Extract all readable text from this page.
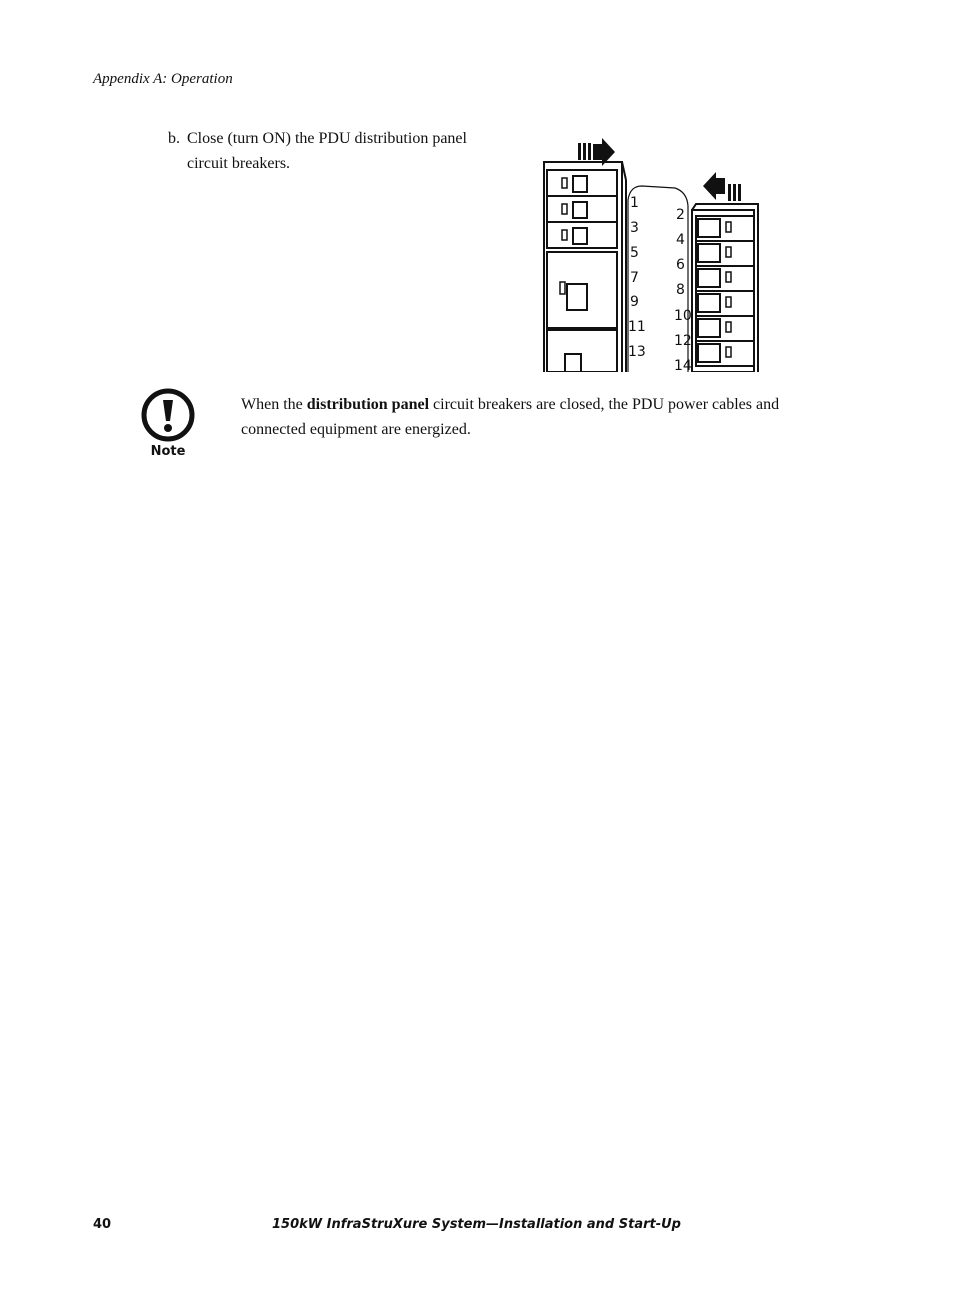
Appendix A: Operation
b. Close (turn ON) the PDU distribution panel circuit breakers.
1
3
5
7
9
11
13
2
4
6
8
10
12
14
Note
When the distribution panel circuit breakers are closed, the PDU power cables and connected equipment are energized.
40	150kW InfraStruXure System—Installation and Start-Up
